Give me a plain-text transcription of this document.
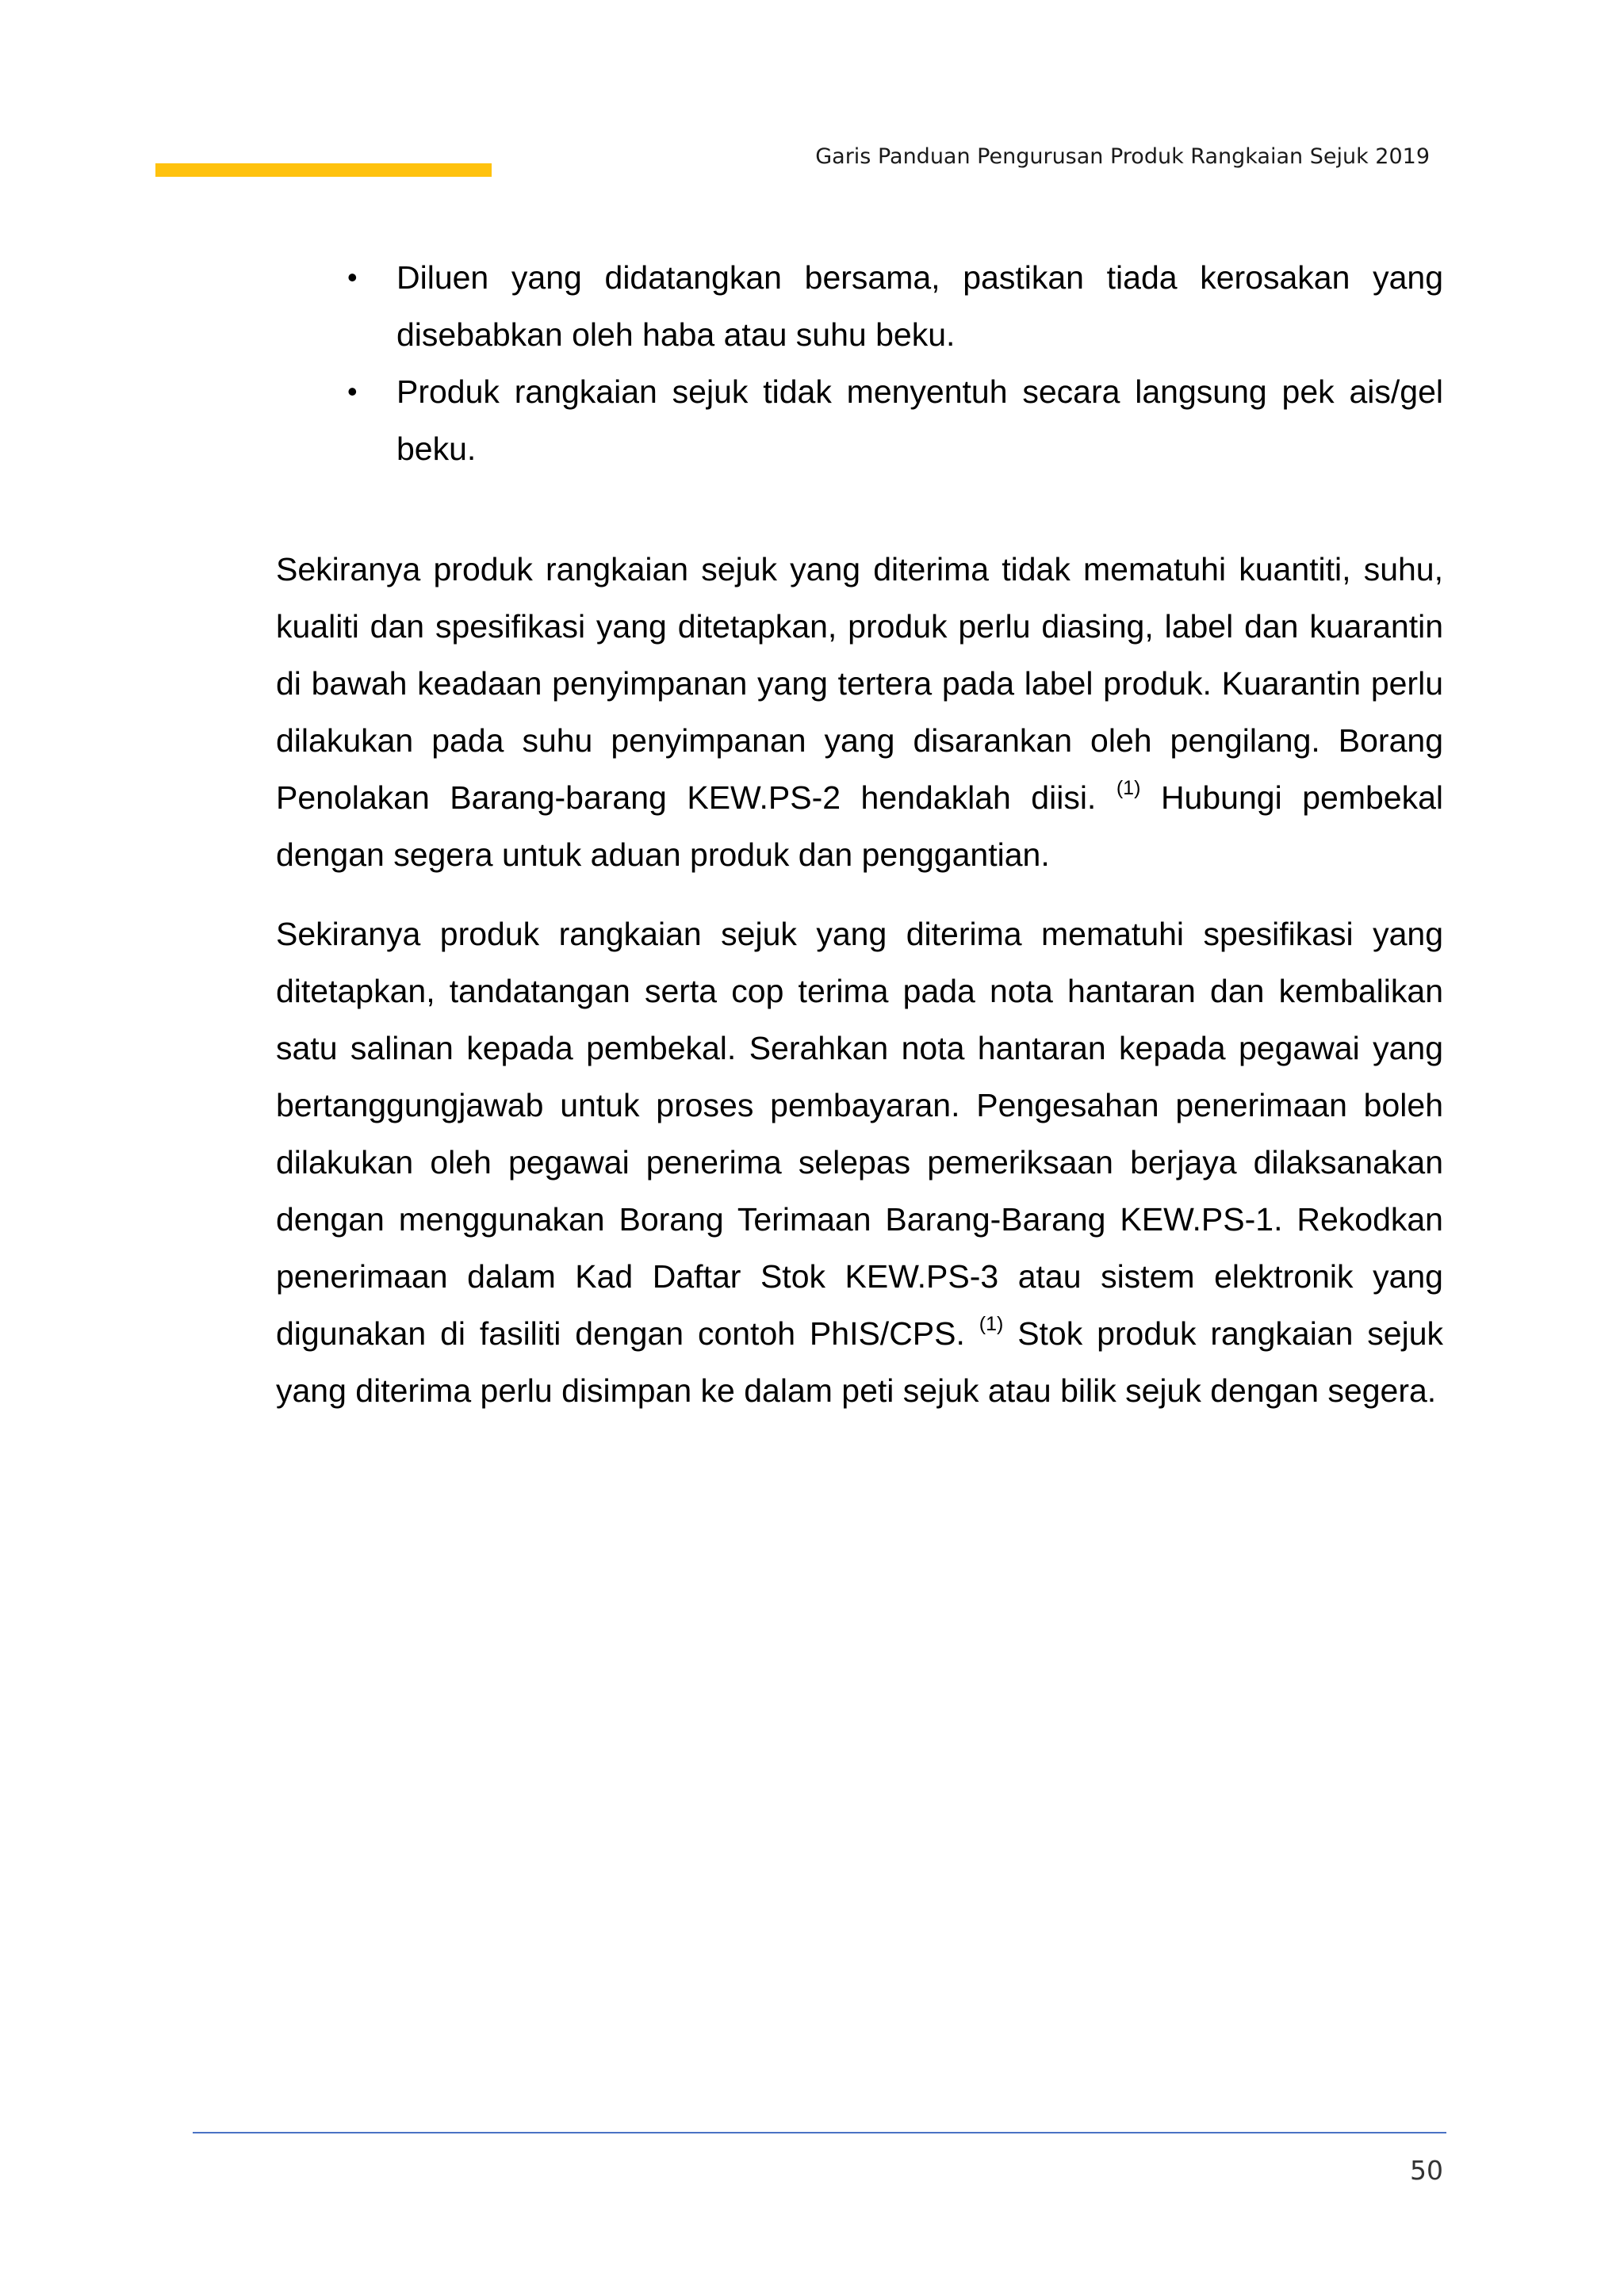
Garis Panduan Pengurusan Produk Rangkaian Sejuk 2019
• Diluen yang didatangkan bersama, pastikan tiada kerosakan yang disebabkan oleh haba atau suhu beku.
• Produk rangkaian sejuk tidak menyentuh secara langsung pek ais/gel beku.

Sekiranya produk rangkaian sejuk yang diterima tidak mematuhi kuantiti, suhu, kualiti dan spesifikasi yang ditetapkan, produk perlu diasing, label dan kuarantin di bawah keadaan penyimpanan yang tertera pada label produk. Kuarantin perlu dilakukan pada suhu penyimpanan yang disarankan oleh pengilang. Borang Penolakan Barang-barang KEW.PS-2 hendaklah diisi. $^{(1)}$ Hubungi pembekal dengan segera untuk aduan produk dan penggantian.

Sekiranya produk rangkaian sejuk yang diterima mematuhi spesifikasi yang ditetapkan, tandatangan serta cop terima pada nota hantaran dan kembalikan satu salinan kepada pembekal. Serahkan nota hantaran kepada pegawai yang bertanggungjawab untuk proses pembayaran. Pengesahan penerimaan boleh dilakukan oleh pegawai penerima selepas pemeriksaan berjaya dilaksanakan dengan menggunakan Borang Terimaan Barang-Barang KEW.PS-1. Rekodkan penerimaan dalam Kad Daftar Stok KEW.PS-3 atau sistem elektronik yang digunakan di fasiliti dengan contoh PhIS/CPS. $^{(1)}$ Stok produk rangkaian sejuk yang diterima perlu disimpan ke dalam peti sejuk atau bilik sejuk dengan segera.

50
